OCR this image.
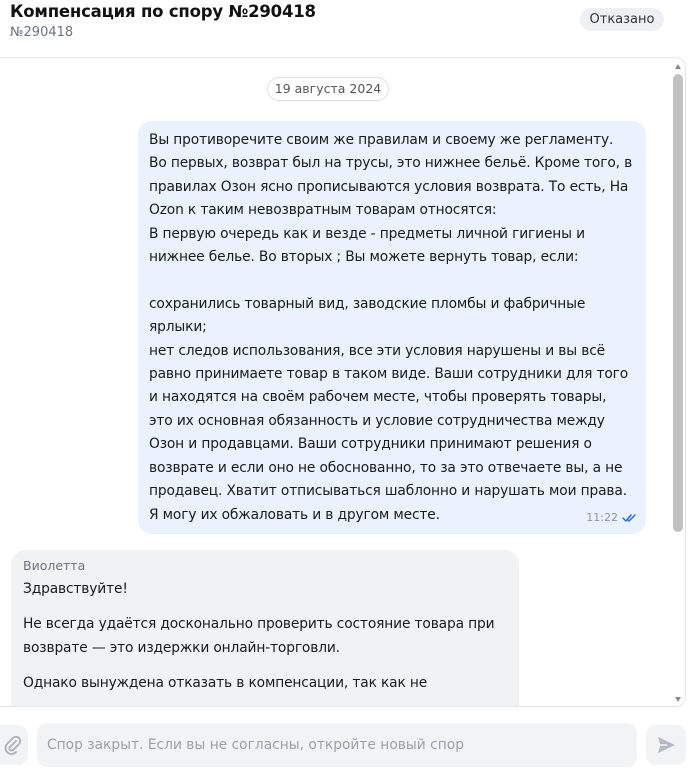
Компенсация по спору №290418
№290418
Отказано
19 августа 2024
Вы противоречите своим же правилам и своему же регламенту.
Во первых, возврат был на трусы, это нижнее бельё. Кроме того, в
правилах Озон ясно прописываются условия возврата. То есть, На
Ozon к таким невозвратным товарам относятся:
В первую очередь как и везде - предметы личной гигиены и
нижнее белье. Во вторых ; Вы можете вернуть товар, если:

сохранились товарный вид, заводские пломбы и фабричные
ярлыки;
нет следов использования, все эти условия нарушены и вы всё
равно принимаете товар в таком виде. Ваши сотрудники для того
и находятся на своём рабочем месте, чтобы проверять товары,
это их основная обязанность и условие сотрудничества между
Озон и продавцами. Ваши сотрудники принимают решения о
возврате и если оно не обоснованно, то за это отвечаете вы, а не
продавец. Хватит отписываться шаблонно и нарушать мои права.
Я могу их обжаловать и в другом месте.	11:22
Виолетта

Здравствуйте!

Не всегда удаётся досконально проверить состояние товара при возврате — это издержки онлайн-торговли.

Однако вынуждена отказать в компенсации, так как не

Спор закрыт. Если вы не согласны, откройте новый спор
